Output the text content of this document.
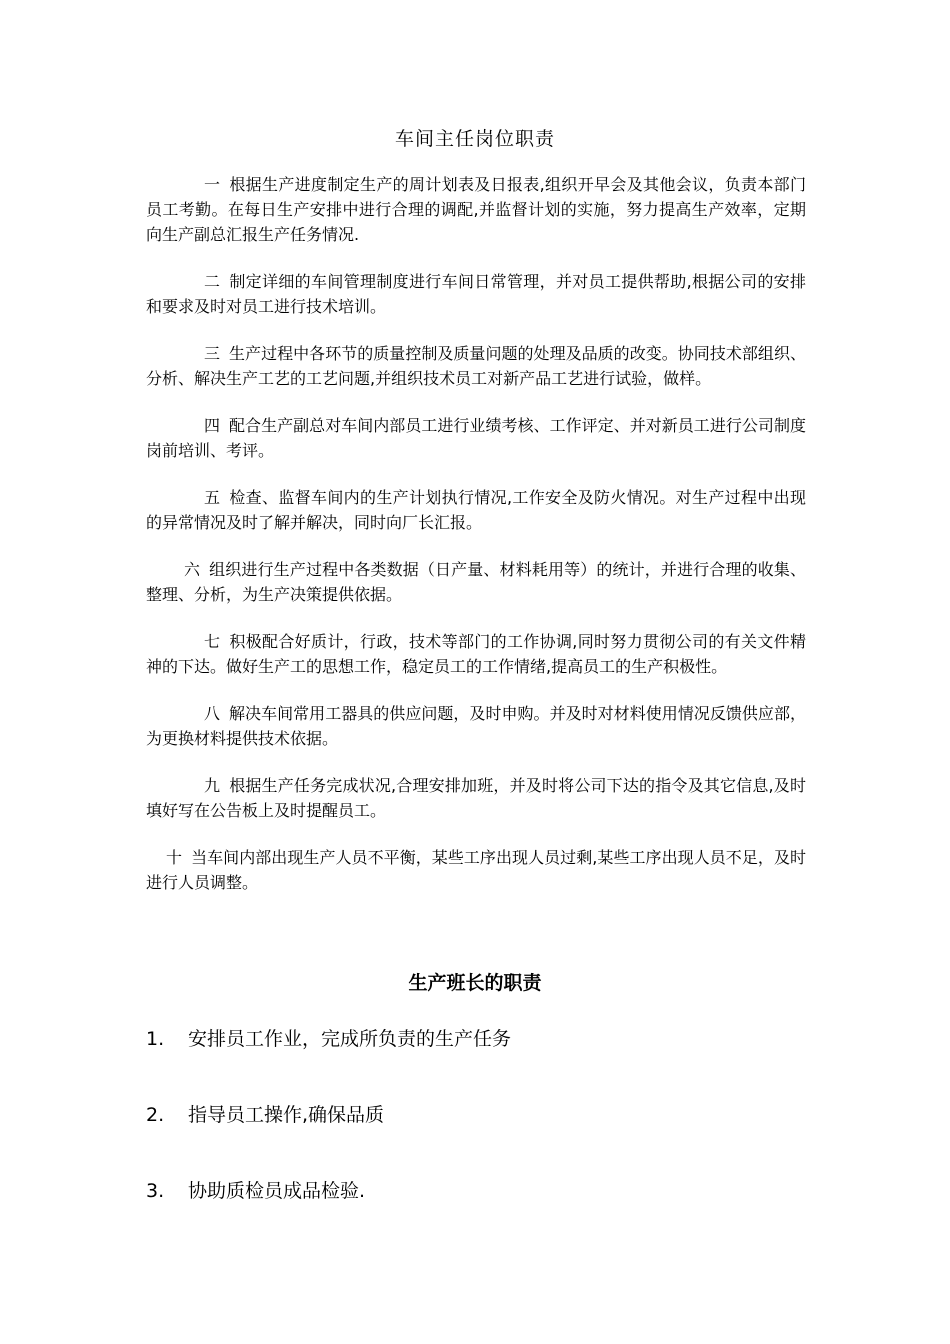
车间主任岗位职责

一 根据生产进度制定生产的周计划表及日报表,组织开早会及其他会议，负责本部门员工考勤。在每日生产安排中进行合理的调配,并监督计划的实施，努力提高生产效率，定期向生产副总汇报生产任务情况.

二 制定详细的车间管理制度进行车间日常管理，并对员工提供帮助,根据公司的安排和要求及时对员工进行技术培训。

三 生产过程中各环节的质量控制及质量问题的处理及品质的改变。协同技术部组织、分析、解决生产工艺的工艺问题,并组织技术员工对新产品工艺进行试验，做样。

四 配合生产副总对车间内部员工进行业绩考核、工作评定、并对新员工进行公司制度岗前培训、考评。

五 检查、监督车间内的生产计划执行情况,工作安全及防火情况。对生产过程中出现的异常情况及时了解并解决，同时向厂长汇报。

六 组织进行生产过程中各类数据（日产量、材料耗用等）的统计，并进行合理的收集、整理、分析，为生产决策提供依据。

七 积极配合好质计，行政，技术等部门的工作协调,同时努力贯彻公司的有关文件精神的下达。做好生产工的思想工作，稳定员工的工作情绪,提高员工的生产积极性。

八 解决车间常用工器具的供应问题，及时申购。并及时对材料使用情况反馈供应部，为更换材料提供技术依据。

九 根据生产任务完成状况,合理安排加班，并及时将公司下达的指令及其它信息,及时填好写在公告板上及时提醒员工。

十 当车间内部出现生产人员不平衡，某些工序出现人员过剩,某些工序出现人员不足，及时进行人员调整。

生产班长的职责
1. 安排员工作业，完成所负责的生产任务
2. 指导员工操作,确保品质
3. 协助质检员成品检验.
